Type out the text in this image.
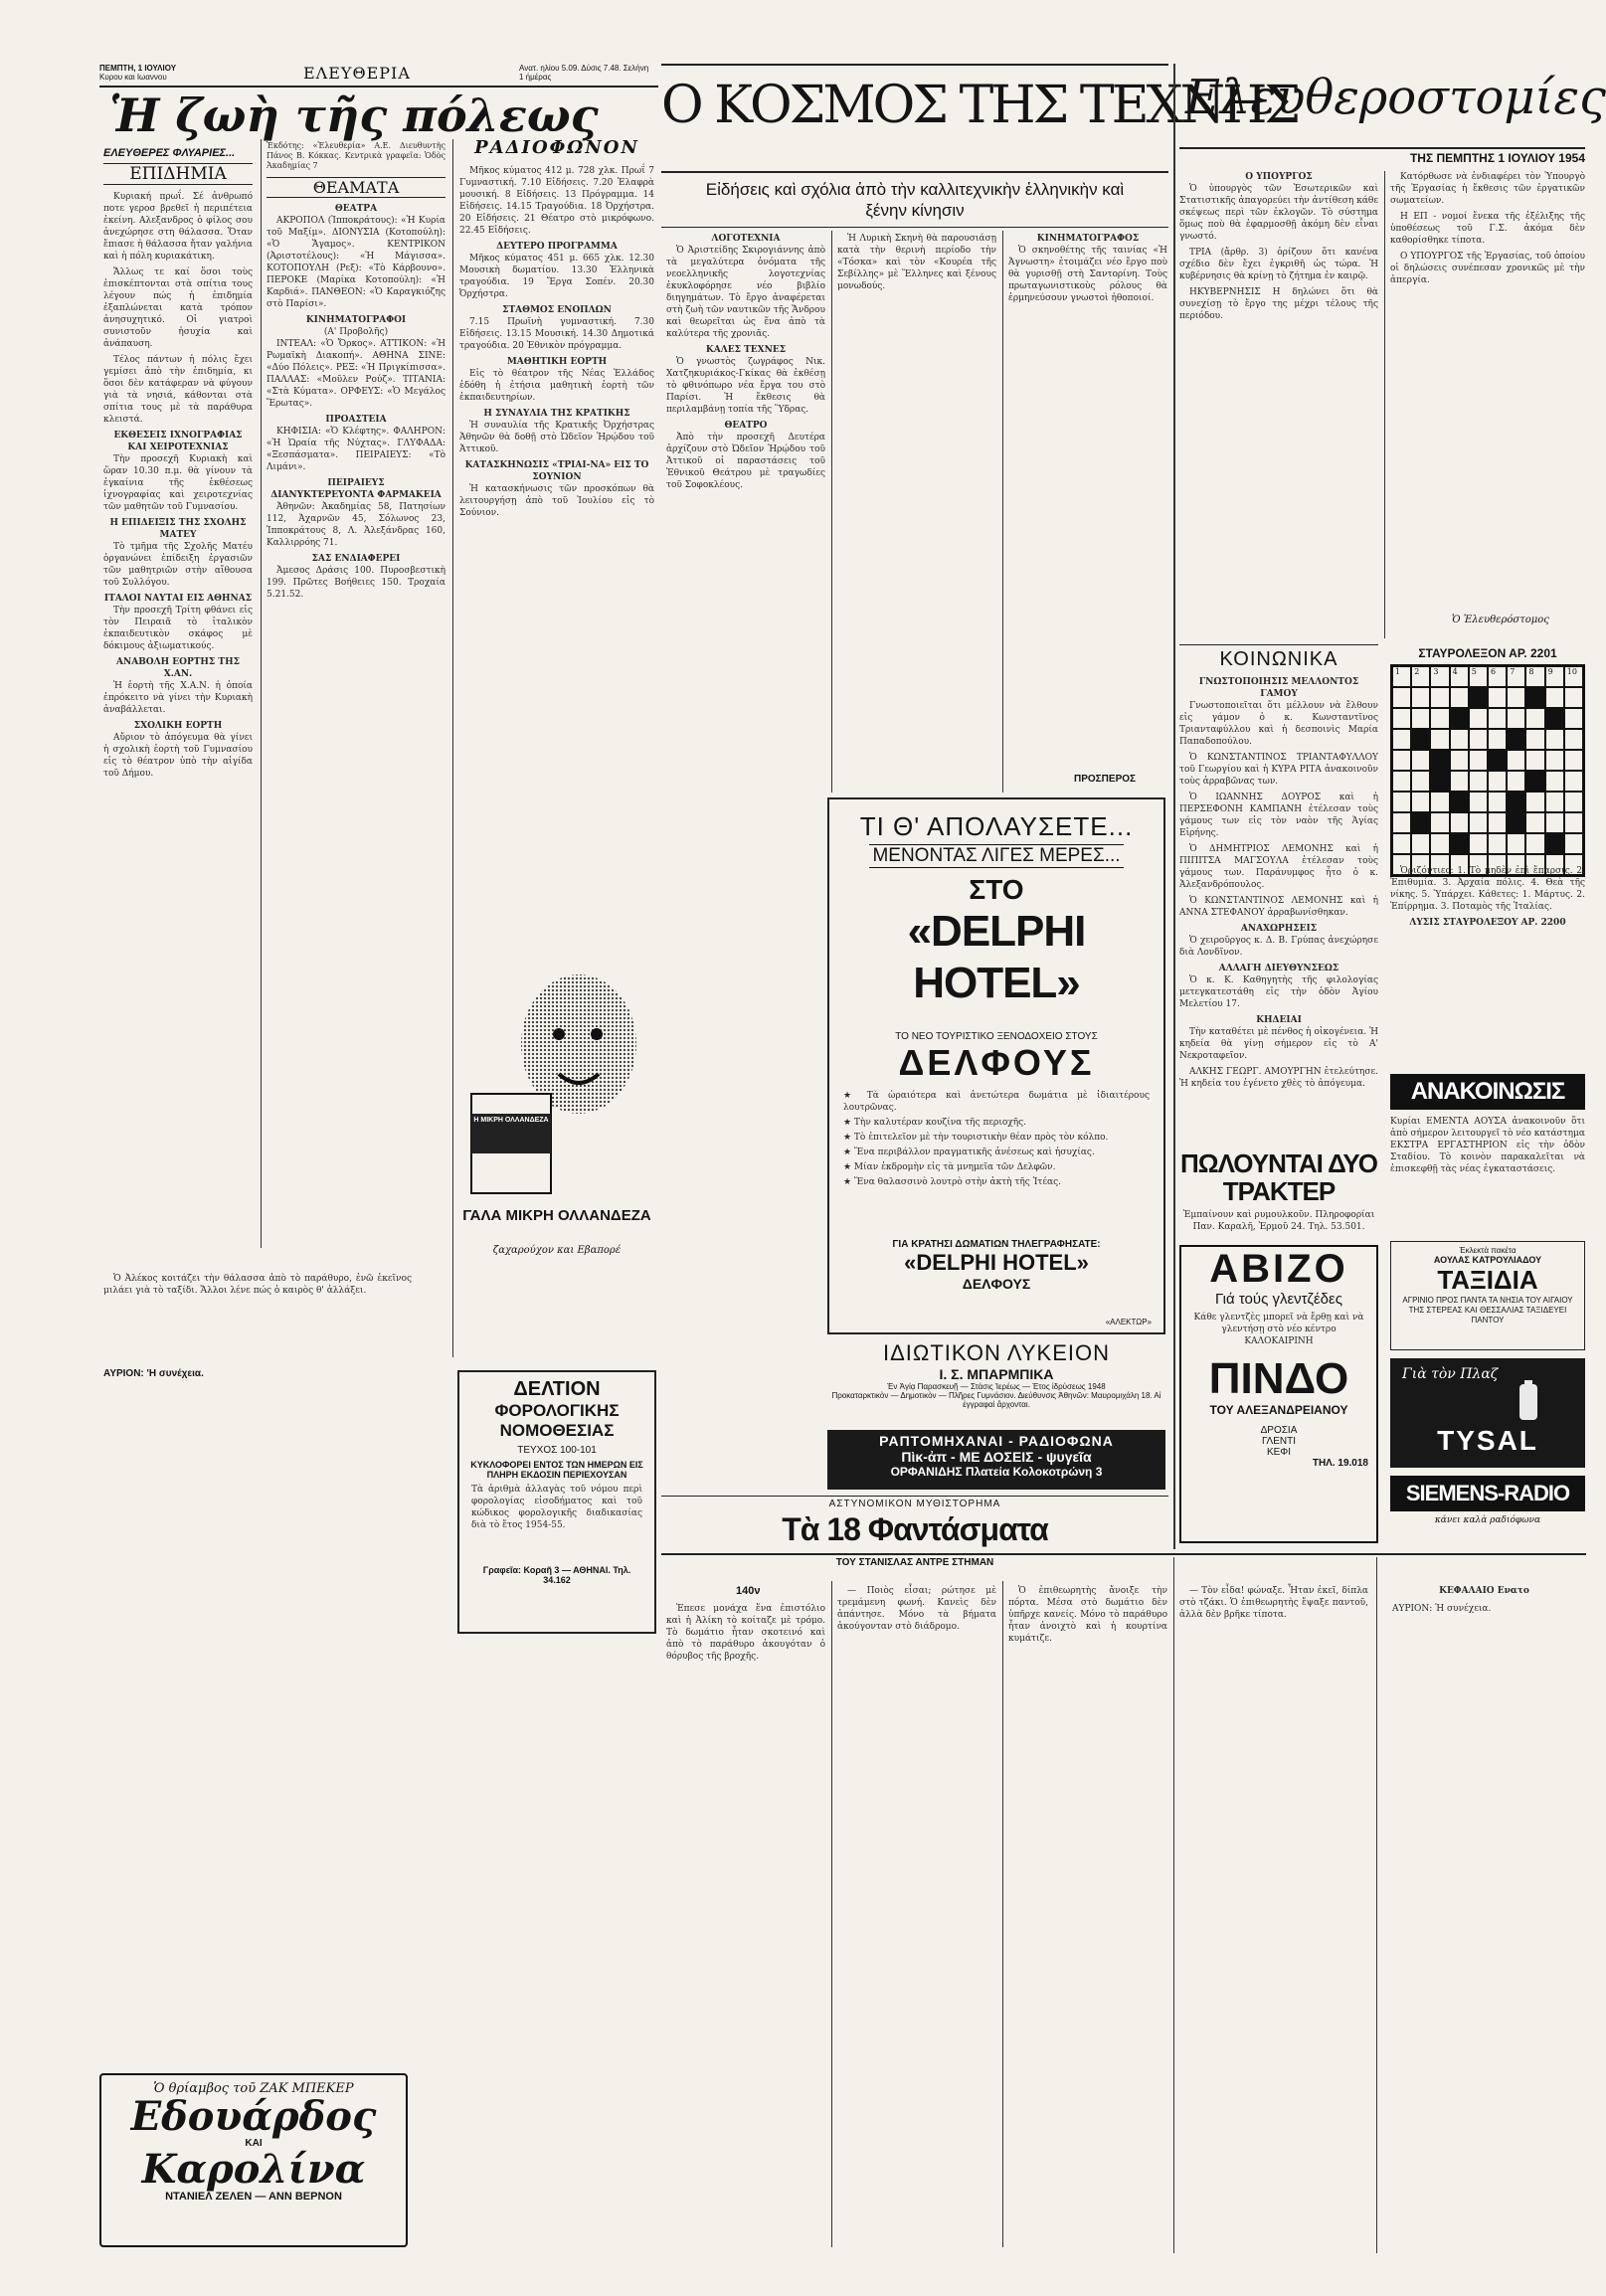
ΠΕΜΠΤΗ, 1 ΙΟΥΛΙΟΥ
Κυρου και Ιωαννου	ΕΛΕΥΘΕΡΙΑ	Ανατ. ηλίου 5.09. Δύσις 7.48. Σελήνη 1 ήμέρας
Ἡ ζωὴ τῆς πόλεως
ΕΛΕΥΘΕΡΕΣ ΦΛΥΑΡΙΕΣ...
ΕΠΙΔΗΜΙΑ

Κυριακή πρωΐ. Σέ ἀνθρωπό ποτε γεροσ βρεθεῖ ἡ περιπέτεια ἐκείνη. Αλεξανδρος ὁ φίλος σου ἀνεχώρησε στη θάλασσα. Ὅταν ἔπιασε ἡ θάλασσα ἤταν γαλήνια καὶ ἡ πόλη κυριακάτικη.

Ἄλλως τε καί ὅσοι τοὺς ἐπισκέπτονται στὰ σπίτια τους λέγουν πώς ἡ ἐπιδημία ἐξαπλώνεται κατὰ τρόπον ἀνησυχητικό. Οἱ γιατροὶ συνιστοῦν ἡσυχία καὶ ἀνάπαυση.

Τέλος πάντων ἡ πόλις ἔχει γεμίσει ἀπὸ τὴν ἐπιδημία, κι ὅσοι δὲν κατάφεραν νὰ φύγουν γιὰ τὰ νησιά, κάθονται στὰ σπίτια τους μὲ τὰ παράθυρα κλειστά.

ΕΚΘΕΣΕΙΣ ΙΧΝΟΓΡΑΦΙΑΣ ΚΑΙ ΧΕΙΡΟΤΕΧΝΙΑΣ

Τὴν προσεχῆ Κυριακὴ καὶ ὥραν 10.30 π.μ. θὰ γίνουν τὰ ἐγκαίνια τῆς ἐκθέσεως ἰχνογραφίας καὶ χειροτεχνίας τῶν μαθητῶν τοῦ Γυμνασίου.

Η ΕΠΙΔΕΙΞΙΣ ΤΗΣ ΣΧΟΛΗΣ ΜΑΤΕΥ

Τὸ τμῆμα τῆς Σχολῆς Ματέυ ὀργανώνει ἐπίδειξη ἐργασιῶν τῶν μαθητριῶν στὴν αἴθουσα τοῦ Συλλόγου.

ΙΤΑΛΟΙ ΝΑΥΤΑΙ ΕΙΣ ΑΘΗΝΑΣ

Τὴν προσεχῆ Τρίτη φθάνει εἰς τὸν Πειραιᾶ τὸ ἰταλικὸν ἐκπαιδευτικὸν σκάφος μὲ δόκιμους ἀξιωματικούς.

ΑΝΑΒΟΛΗ ΕΟΡΤΗΣ ΤΗΣ Χ.ΑΝ.

Ἡ ἑορτὴ τῆς Χ.Α.Ν. ἡ ὁποία ἐπρόκειτο νὰ γίνει τὴν Κυριακὴ ἀναβάλλεται.

ΣΧΟΛΙΚΗ ΕΟΡΤΗ

Αὔριον τὸ ἀπόγευμα θὰ γίνει ἡ σχολικὴ ἑορτὴ τοῦ Γυμνασίου εἰς τὸ θέατρον ὑπὸ τὴν αἰγίδα τοῦ Δήμου.

Ὁ Ἀλέκος κοιτάζει τὴν θάλασσα ἀπὸ τὸ παράθυρο, ἐνῶ ἐκεῖνος μιλάει γιὰ τὸ ταξίδι. Ἄλλοι λένε πώς ὁ καιρὸς θ' ἀλλάξει.

ΑΥΡΙΟΝ: 'Η συνέχεια.
Ἐκδότης: «Ἐλευθερία» Α.Ε. Διευθυντὴς Πάνος Β. Κόκκας. Κεντρικὰ γραφεῖα: Ὁδὸς Ἀκαδημίας 7
ΘΕΑΜΑΤΑ
ΘΕΑΤΡΑ

ΑΚΡΟΠΟΛ (Ἰπποκράτους): «Ἡ Κυρία τοῦ Μαξίμ». ΔΙΟΝΥΣΙΑ (Κοτοπούλη): «Ὁ Ἄγαμος». ΚΕΝΤΡΙΚΟΝ (Ἀριστοτέλους): «Ἡ Μάγισσα». ΚΟΤΟΠΟΥΛΗ (Ρεξ): «Τὸ Κάρβουνο». ΠΕΡΟΚΕ (Μαρίκα Κοτοπούλη): «Ἡ Καρδιά». ΠΑΝΘΕΟΝ: «Ὁ Καραγκιόζης στὸ Παρίσι».

ΚΙΝΗΜΑΤΟΓΡΑΦΟΙ
(Α' Προβολῆς)

ΙΝΤΕΑΛ: «Ὁ Ὄρκος». ΑΤΤΙΚΟΝ: «Ἡ Ρωμαϊκὴ Διακοπή». ΑΘΗΝΑ ΣΙΝΕ: «Δύο Πόλεις». ΡΕΞ: «Ἡ Πριγκίπισσα». ΠΑΛΛΑΣ: «Μοῦλεν Ρούζ». ΤΙΤΑΝΙΑ: «Στὰ Κύματα». ΟΡΦΕΥΣ: «Ὁ Μεγάλος Ἔρωτας».

ΠΡΟΑΣΤΕΙΑ

ΚΗΦΙΣΙΑ: «Ὁ Κλέφτης». ΦΑΛΗΡΟΝ: «Ἡ Ὡραία τῆς Νύχτας». ΓΛΥΦΑΔΑ: «Ξεσπάσματα». ΠΕΙΡΑΙΕΥΣ: «Τὸ Λιμάνι».

ΠΕΙΡΑΙΕΥΣ
ΔΙΑΝΥΚΤΕΡΕΥΟΝΤΑ ΦΑΡΜΑΚΕΙΑ

Ἀθηνῶν: Ἀκαδημίας 58, Πατησίων 112, Ἀχαρνῶν 45, Σόλωνος 23, Ἱπποκράτους 8, Λ. Ἀλεξάνδρας 160, Καλλιρρόης 71.

ΣΑΣ ΕΝΔΙΑΦΕΡΕΙ

Ἀμεσος Δράσις 100. Πυροσβεστικὴ 199. Πρῶτες Βοήθειες 150. Τροχαία 5.21.52.

ΡΑΔΙΟΦΩΝΟΝ

Μῆκος κύματος 412 μ. 728 χλκ. Πρωΐ 7 Γυμναστική. 7.10 Εἰδήσεις. 7.20 Ἐλαφρὰ μουσική. 8 Εἰδήσεις. 13 Πρόγραμμα. 14 Εἰδήσεις. 14.15 Τραγούδια. 18 Ὀρχήστρα. 20 Εἰδήσεις. 21 Θέατρο στὸ μικρόφωνο. 22.45 Εἰδήσεις.

ΔΕΥΤΕΡΟ ΠΡΟΓΡΑΜΜΑ

Μῆκος κύματος 451 μ. 665 χλκ. 12.30 Μουσικὴ δωματίου. 13.30 Ἑλληνικὰ τραγούδια. 19 Ἔργα Σοπέν. 20.30 Ὀρχήστρα.

ΣΤΑΘΜΟΣ ΕΝΟΠΛΩΝ

7.15 Πρωϊνὴ γυμναστική. 7.30 Εἰδήσεις. 13.15 Μουσική. 14.30 Δημοτικά τραγούδια. 20 Ἐθνικὸν πρόγραμμα.

ΜΑΘΗΤΙΚΗ ΕΟΡΤΗ

Εἰς τὸ θέατρον τῆς Νέας Ἑλλάδος ἐδόθη ἡ ἐτήσια μαθητικὴ ἑορτὴ τῶν ἐκπαιδευτηρίων.

Η ΣΥΝΑΥΛΙΑ ΤΗΣ ΚΡΑΤΙΚΗΣ

Ἡ συναυλία τῆς Κρατικῆς Ὀρχήστρας Ἀθηνῶν θὰ δοθῇ στὸ Ὠδεῖον Ἡρῴδου τοῦ Ἀττικοῦ.

ΚΑΤΑΣΚΗΝΩΣΙΣ «ΤΡΙΑΙ-ΝΑ» ΕΙΣ ΤΟ ΣΟΥΝΙΟΝ

Ἡ κατασκήνωσις τῶν προσκόπων θὰ λειτουργήσῃ ἀπὸ τοῦ Ἰουλίου εἰς τὸ Σούνιον.

Η ΜΙΚΡΗ ΟΛΛΑΝΔΕΖΑ
ΓΑΛΑ ΜΙΚΡΗ ΟΛΛΑΝΔΕΖΑ
ζαχαρούχον και Εβαπορέ
ΔΕΛΤΙΟΝ
ΦΟΡΟΛΟΓΙΚΗΣ
ΝΟΜΟΘΕΣΙΑΣ
ΤΕΥΧΟΣ 100-101
ΚΥΚΛΟΦΟΡΕΙ ΕΝΤΟΣ ΤΩΝ ΗΜΕΡΩΝ ΕΙΣ ΠΛΗΡΗ ΕΚΔΟΣΙΝ ΠΕΡΙΕΧΟΥΣΑΝ
Τὰ ἀριθμὰ ἀλλαγὰς τοῦ νόμου περὶ φορολογίας εἰσοδήματος καὶ τοῦ κώδικος φορολογικῆς διαδικασίας διὰ τὸ ἔτος 1954-55.
Γραφεῖα: Κοραῆ 3 — ΑΘΗΝΑΙ. Τηλ. 34.162
Ὁ θρίαμβος τοῦ ΖΑΚ ΜΠΕΚΕΡ
Εδουάρδος
ΚΑΙ
Καρολίνα
ΝΤΑΝΙΕΛ ΖΕΛΕΝ — ΑΝΝ ΒΕΡΝΟΝ
Ο ΚΟΣΜΟΣ ΤΗΣ ΤΕΧΝΗΣ
Εἰδήσεις καὶ σχόλια ἀπὸ τὴν καλλιτεχνικὴν ἑλληνικὴν καὶ ξένην κίνησιν
ΛΟΓΟΤΕΧΝΙΑ

Ὁ Ἀριστείδης Σκιρογιάννης ἀπὸ τὰ μεγαλύτερα ὀνόματα τῆς νεοελληνικῆς λογοτεχνίας ἐκυκλοφόρησε νέο βιβλίο διηγημάτων. Τὸ ἔργο ἀναφέρεται στὴ ζωὴ τῶν ναυτικῶν τῆς Ἄνδρου καὶ θεωρεῖται ὡς ἕνα ἀπὸ τὰ καλύτερα τῆς χρονιᾶς.

ΚΑΛΕΣ ΤΕΧΝΕΣ

Ὁ γνωστὸς ζωγράφος Νικ. Χατζηκυριάκος-Γκίκας θὰ ἐκθέσῃ τὸ φθινόπωρο νέα ἔργα του στὸ Παρίσι. Ἡ ἔκθεσις θὰ περιλαμβάνῃ τοπία τῆς Ὕδρας.

ΘΕΑΤΡΟ

Ἀπὸ τὴν προσεχῆ Δευτέρα ἀρχίζουν στὸ Ὠδεῖον Ἡρῴδου τοῦ Ἀττικοῦ οἱ παραστάσεις τοῦ Ἐθνικοῦ Θεάτρου μὲ τραγωδίες τοῦ Σοφοκλέους.

Ἡ Λυρικὴ Σκηνὴ θὰ παρουσιάσῃ κατὰ τὴν θερινὴ περίοδο τὴν «Τόσκα» καὶ τὸν «Κουρέα τῆς Σεβίλλης» μὲ Ἕλληνες καὶ ξένους μονωδούς.

ΚΙΝΗΜΑΤΟΓΡΑΦΟΣ

Ὁ σκηνοθέτης τῆς ταινίας «Ἡ Ἀγνωστη» ἐτοιμάζει νέο ἔργο ποὺ θὰ γυρισθῇ στὴ Σαντορίνη. Τοὺς πρωταγωνιστικοὺς ρόλους θὰ ἑρμηνεύσουν γνωστοὶ ἠθοποιοί.

ΠΡΟΣΠΕΡΟΣ
ΤΙ Θ' ΑΠΟΛΑΥΣΕΤΕ...
ΜΕΝΟΝΤΑΣ ΛΙΓΕΣ ΜΕΡΕΣ...
ΣΤΟ
«DELPHI HOTEL»
ΤΟ ΝΕΟ ΤΟΥΡΙΣΤΙΚΟ ΞΕΝΟΔΟΧΕΙΟ ΣΤΟΥΣ
ΔΕΛΦΟΥΣ
★ Τὰ ὡραιότερα καὶ ἀνετώτερα δωμάτια μὲ ἰδιαιτέρους λουτρῶνας.
★ Τὴν καλυτέραν κουζίνα τῆς περιοχῆς.
★ Τὸ ἐπιτελεῖον μὲ τὴν τουριστικὴν θέαν πρὸς τὸν κόλπο.
★ Ἕνα περιβάλλον πραγματικῆς ἀνέσεως καὶ ἡσυχίας.
★ Μίαν ἐκδρομὴν εἰς τὰ μνημεῖα τῶν Δελφῶν.
★ Ἕνα θαλασσινὸ λουτρὸ στὴν ἀκτὴ τῆς Ἰτέας.
ΓΙΑ ΚΡΑΤΗΣΙ ΔΩΜΑΤΙΩΝ ΤΗΛΕΓΡΑΦΗΣΑΤΕ:
«DELPHI HOTEL»
ΔΕΛΦΟΥΣ
«ΑΛΕΚΤΩΡ»
ΙΔΙΩΤΙΚΟΝ ΛΥΚΕΙΟΝ
Ι. Σ. ΜΠΑΡΜΠΙΚΑ
Ἐν Ἀγίᾳ Παρασκευῇ — Στάσις Ἱερέως — Ἐτος ἱδρύσεως 1948
Προκαταρκτικὸν — Δημοτικὸν — Πλῆρες Γυμνάσιον. Διεύθυνσις Ἀθηνῶν: Μαυρομιχάλη 18. Αἱ ἐγγραφαὶ ἄρχονται.
ΡΑΠΤΟΜΗΧΑΝΑΙ - ΡΑΔΙΟΦΩΝΑ
Πὶκ-ἀπ - ΜΕ ΔΟΣΕΙΣ - ψυγεῖα
ΟΡΦΑΝΙΔΗΣ Πλατεία Κολοκοτρώνη 3
ΑΣΤΥΝΟΜΙΚΟΝ ΜΥΘΙΣΤΟΡΗΜΑ
Τὰ 18 Φαντάσματα
ΤΟΥ ΣΤΑΝΙΣΛΑΣ ΑΝΤΡΕ ΣΤΗΜΑΝ
140ν

Ἐπεσε μονάχα ἕνα ἐπιστόλιο καὶ ἡ Ἀλίκη τὸ κοίταζε μὲ τρόμο. Τὸ δωμάτιο ἦταν σκοτεινό καὶ ἀπὸ τὸ παράθυρο ἀκουγόταν ὁ θόρυβος τῆς βροχῆς.

— Ποιὸς εἶσαι; ρώτησε μὲ τρεμάμενη φωνή. Κανεὶς δὲν ἀπάντησε. Μόνο τὰ βήματα ἀκούγονταν στὸ διάδρομο.

Ὁ ἐπιθεωρητὴς ἄνοιξε τὴν πόρτα. Μέσα στὸ δωμάτιο δὲν ὑπῆρχε κανείς. Μόνο τὸ παράθυρο ἦταν ἀνοιχτὸ καὶ ἡ κουρτίνα κυμάτιζε.

— Τὸν εἶδα! φώναξε. Ἦταν ἐκεῖ, δίπλα στὸ τζάκι. Ὁ ἐπιθεωρητὴς ἔψαξε παντοῦ, ἀλλὰ δὲν βρῆκε τίποτα.

ΚΕΦΑΛΑΙΟ Ενατο

ΑΥΡΙΟΝ: Ἡ συνέχεια.

Ελευθεροστομίες
ΤΗΣ ΠΕΜΠΤΗΣ 1 ΙΟΥΛΙΟΥ 1954
Ο ΥΠΟΥΡΓΟΣ

Ὁ ὑπουργὸς τῶν Ἐσωτερικῶν καὶ Στατιστικῆς ἀπαγορεύει τὴν ἀντίθεση κάθε σκέψεως περὶ τῶν ἐκλογῶν. Τὸ σύστημα ὅμως ποὺ θὰ ἐφαρμοσθῇ ἀκόμη δὲν εἶναι γνωστό.

ΤΡΙΑ (ἄρθρ. 3) ὁρίζουν ὅτι κανένα σχέδιο δὲν ἔχει ἐγκριθῆ ὡς τώρα. Ἡ κυβέρνησις θὰ κρίνῃ τὸ ζήτημα ἐν καιρῷ.

ΗΚΥΒΕΡΝΗΣΙΣ Η δηλώνει ὅτι θὰ συνεχίσῃ τὸ ἔργο της μέχρι τέλους τῆς περιόδου.

Κατόρθωσε νὰ ἐνδιαφέρει τὸν Ὑπουργὸ τῆς Ἐργασίας ἡ ἔκθεσις τῶν ἐργατικῶν σωματείων.

Η ΕΠ - νομοί ἔνεκα τῆς ἐξέλιξης τῆς ὑποθέσεως τοῦ Γ.Σ. ἀκόμα δὲν καθορίσθηκε τίποτα.

Ο ΥΠΟΥΡΓΟΣ τῆς Ἐργασίας, τοῦ ὁποίου οἱ δηλώσεις συνέπεσαν χρονικῶς μὲ τὴν ἀπεργία.

Ὁ Ἐλευθερόστομος
ΚΟΙΝΩΝΙΚΑ
ΓΝΩΣΤΟΠΟΙΗΣΙΣ ΜΕΛΛΟΝΤΟΣ ΓΑΜΟΥ

Γνωστοποιεῖται ὅτι μέλλουν νὰ ἔλθουν εἰς γάμον ὁ κ. Κωνσταντῖνος Τριανταφύλλου καὶ ἡ δεσποινὶς Μαρία Παπαδοπούλου.

Ὁ ΚΩΝΣΤΑΝΤΙΝΟΣ ΤΡΙΑΝΤΑΦΥΛΛΟΥ τοῦ Γεωργίου καὶ ἡ ΚΥΡΑ ΡΙΤΑ ἀνακοινοῦν τοὺς ἀρραβῶνας των.

Ὁ ΙΩΑΝΝΗΣ ΔΟΥΡΟΣ καὶ ἡ ΠΕΡΣΕΦΟΝΗ ΚΑΜΠΑΝΗ ἐτέλεσαν τοὺς γάμους των εἰς τὸν ναὸν τῆς Ἁγίας Εἰρήνης.

Ὁ ΔΗΜΗΤΡΙΟΣ ΛΕΜΟΝΗΣ καὶ ἡ ΠΙΠΙΤΣΑ ΜΑΓΣΟΥΛΑ ἐτέλεσαν τοὺς γάμους των. Παράνυμφος ἦτο ὁ κ. Ἀλεξανδρόπουλος.

Ὁ ΚΩΝΣΤΑΝΤΙΝΟΣ ΛΕΜΟΝΗΣ καὶ ἡ ΑΝΝΑ ΣΤΕΦΑΝΟΥ ἀρραβωνίσθηκαν.

ΑΝΑΧΩΡΗΣΕΙΣ

Ὁ χειροῦργος κ. Δ. Β. Γρύπας ἀνεχώρησε διὰ Λονδῖνον.

ΑΛΛΑΓΗ ΔΙΕΥΘΥΝΣΕΩΣ

Ὁ κ. Κ. Καθηγητὴς τῆς φιλολογίας μετεγκατεστάθη εἰς τὴν ὁδὸν Ἀγίου Μελετίου 17.

ΚΗΔΕΙΑΙ

Τὴν καταθέτει μὲ πένθος ἡ οἰκογένεια. Ἡ κηδεία θὰ γίνῃ σήμερον εἰς τὸ Α' Νεκροταφεῖον.

ΑΛΚΗΣ ΓΕΩΡΓ. ΑΜΟΥΡΓΗΝ ἐτελεύτησε. Ἡ κηδεία του ἐγένετο χθὲς τὸ ἀπόγευμα.

ΣΤΑΥΡΟΛΕΞΟΝ ΑΡ. 2201
1	2	3	4	5	6	7	8	9	10

Ὁριζόντιες: 1. Τὸ μηδὲν ἐπὶ ἕπαρσις. 2. Ἐπιθυμία. 3. Ἀρχαία πόλις. 4. Θεὰ τῆς νίκης. 5. Ὑπάρχει. Κάθετες: 1. Μάρτυς. 2. Ἐπίρρημα. 3. Ποταμὸς τῆς Ἰταλίας.

ΛΥΣΙΣ ΣΤΑΥΡΟΛΕΞΟΥ ΑΡ. 2200
ΑΝΑΚΟΙΝΩΣΙΣ
Κυρίαι ΕΜΕΝΤΑ ΑΟΥΣΑ ἀνακοινοῦν ὅτι ἀπὸ σήμερον λειτουργεῖ τὸ νέο κατάστημα ΕΚΣΤΡΑ ΕΡΓΑΣΤΗΡΙΟΝ εἰς τὴν ὁδὸν Σταδίου. Τὸ κοινὸν παρακαλεῖται νὰ ἐπισκεφθῇ τὰς νέας ἐγκαταστάσεις.
ΠΩΛΟΥΝΤΑΙ ΔΥΟ ΤΡΑΚΤΕΡ
Ἐμπαίνουν καὶ ρυμουλκοῦν. Πληροφορίαι Παν. Καραλῆ, Ἐρμοῦ 24. Τηλ. 53.501.
Ἐκλεκτὰ πακέτα
ΑΟΥΛΑΣ ΚΑΤΡΟΥΛΙΑΔΟΥ
ΤΑΞΙΔΙΑ
ΑΓΡΙΝΙΟ ΠΡΟΣ ΠΑΝΤΑ ΤΑ ΝΗΣΙΑ ΤΟΥ ΑΙΓΑΙΟΥ ΤΗΣ ΣΤΕΡΕΑΣ ΚΑΙ ΘΕΣΣΑΛΙΑΣ ΤΑΞΙΔΕΥΕΙ ΠΑΝΤΟΥ
ΑΒΙΖΟ
Γιά τούς γλεντζέδες
Κάθε γλεντζὲς μπορεῖ νὰ ἔρθῃ καὶ νὰ γλεντήσῃ στὸ νέο κέντρο ΚΑΛΟΚΑΙΡΙΝΗ
ΠΙΝΔΟ
ΤΟΥ ΑΛΕΞΑΝΔΡΕΙΑΝΟΥ
ΔΡΟΣΙΑ
ΓΛΕΝΤΙ
ΚΕΦΙ
ΤΗΛ. 19.018
Γιὰ τὸν Πλαζ
TYSAL
SIEMENS-RADIO
κάνει καλὰ ραδιόφωνα
